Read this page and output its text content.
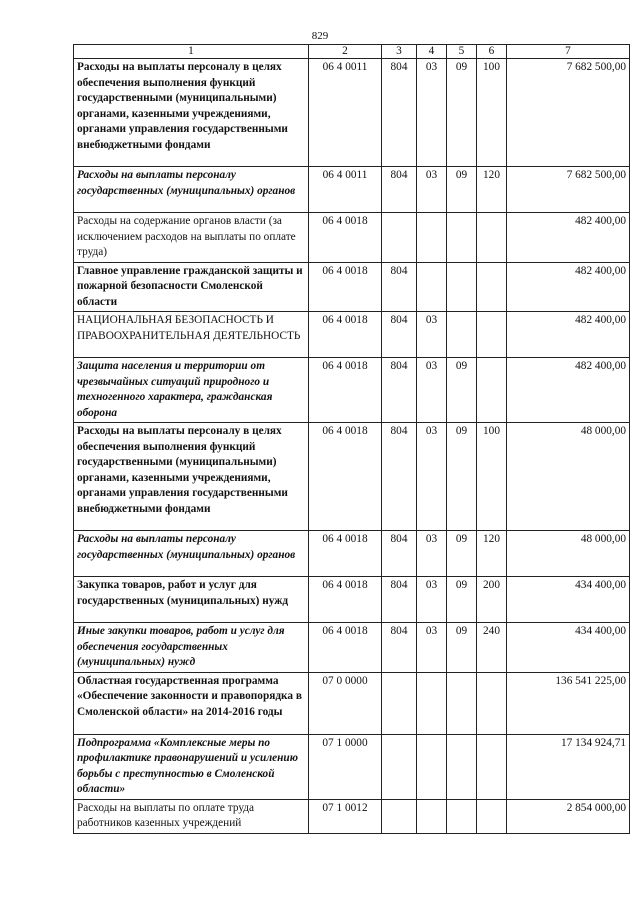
829
1	2	3	4	5	6	7
Расходы на выплаты персоналу в целях обеспечения выполнения функций государственными (муниципальными) органами, казенными учреждениями, органами управления государственными внебюджетными фондами	06 4 0011	804	03	09	100	7 682 500,00
Расходы на выплаты персоналу государственных (муниципальных) органов	06 4 0011	804	03	09	120	7 682 500,00
Расходы на содержание органов власти (за исключением расходов на выплаты по оплате труда)	06 4 0018					482 400,00
Главное управление гражданской защиты и пожарной безопасности Смоленской области	06 4 0018	804				482 400,00
НАЦИОНАЛЬНАЯ БЕЗОПАСНОСТЬ И ПРАВООХРАНИТЕЛЬНАЯ ДЕЯТЕЛЬНОСТЬ	06 4 0018	804	03			482 400,00
Защита населения и территории от чрезвычайных ситуаций природного и техногенного характера, гражданская оборона	06 4 0018	804	03	09		482 400,00
Расходы на выплаты персоналу в целях обеспечения выполнения функций государственными (муниципальными) органами, казенными учреждениями, органами управления государственными внебюджетными фондами	06 4 0018	804	03	09	100	48 000,00
Расходы на выплаты персоналу государственных (муниципальных) органов	06 4 0018	804	03	09	120	48 000,00
Закупка товаров, работ и услуг для государственных (муниципальных) нужд	06 4 0018	804	03	09	200	434 400,00
Иные закупки товаров, работ и услуг для обеспечения государственных (муниципальных) нужд	06 4 0018	804	03	09	240	434 400,00
Областная государственная программа «Обеспечение законности и правопорядка в Смоленской области» на 2014-2016 годы	07 0 0000					136 541 225,00
Подпрограмма «Комплексные меры по профилактике правонарушений и усилению борьбы с преступностью в Смоленской области»	07 1 0000					17 134 924,71
Расходы на выплаты по оплате труда работников казенных учреждений	07 1 0012					2 854 000,00
